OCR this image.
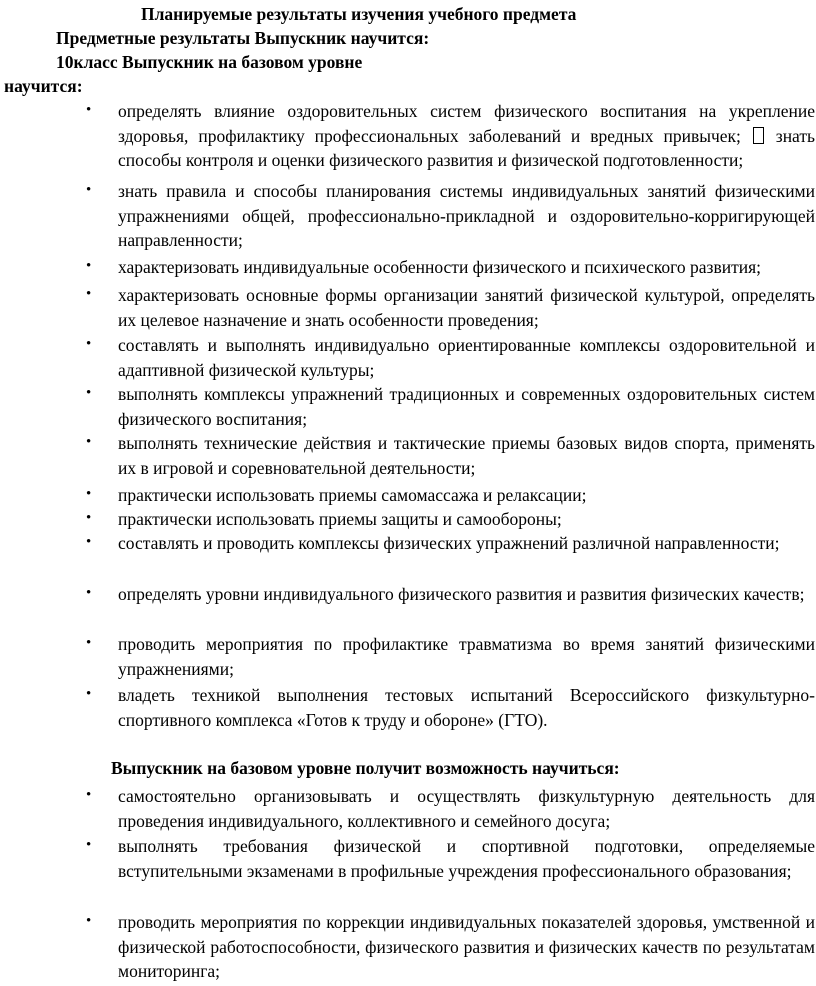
Планируемые результаты изучения учебного предмета
Предметные результаты Выпускник научится:
10класс Выпускник на базовом уровне
научится:
• определять влияние оздоровительных систем физического воспитания на укрепление здоровья, профилактику профессиональных заболеваний и вредных привычек; знать способы контроля и оценки физического развития и физической подготовленности;
• знать правила и способы планирования системы индивидуальных занятий физическими упражнениями общей, профессионально-прикладной и оздоровительно-корригирующей направленности;
• характеризовать индивидуальные особенности физического и психического развития;
• характеризовать основные формы организации занятий физической культурой, определять их целевое назначение и знать особенности проведения;
• составлять и выполнять индивидуально ориентированные комплексы оздоровительной и адаптивной физической культуры;
• выполнять комплексы упражнений традиционных и современных оздоровительных систем физического воспитания;
• выполнять технические действия и тактические приемы базовых видов спорта, применять их в игровой и соревновательной деятельности;
• практически использовать приемы самомассажа и релаксации;
• практически использовать приемы защиты и самообороны;
• составлять и проводить комплексы физических упражнений различной направленности;
• определять уровни индивидуального физического развития и развития физических качеств;
• проводить мероприятия по профилактике травматизма во время занятий физическими упражнениями;
• владеть техникой выполнения тестовых испытаний Всероссийского физкультурно-спортивного комплекса «Готов к труду и обороне» (ГТО).
Выпускник на базовом уровне получит возможность научиться:
• самостоятельно организовывать и осуществлять физкультурную деятельность для проведения индивидуального, коллективного и семейного досуга;
• выполнять требования физической и спортивной подготовки, определяемые вступительными экзаменами в профильные учреждения профессионального образования;
• проводить мероприятия по коррекции индивидуальных показателей здоровья, умственной и физической работоспособности, физического развития и физических качеств по результатам мониторинга;
